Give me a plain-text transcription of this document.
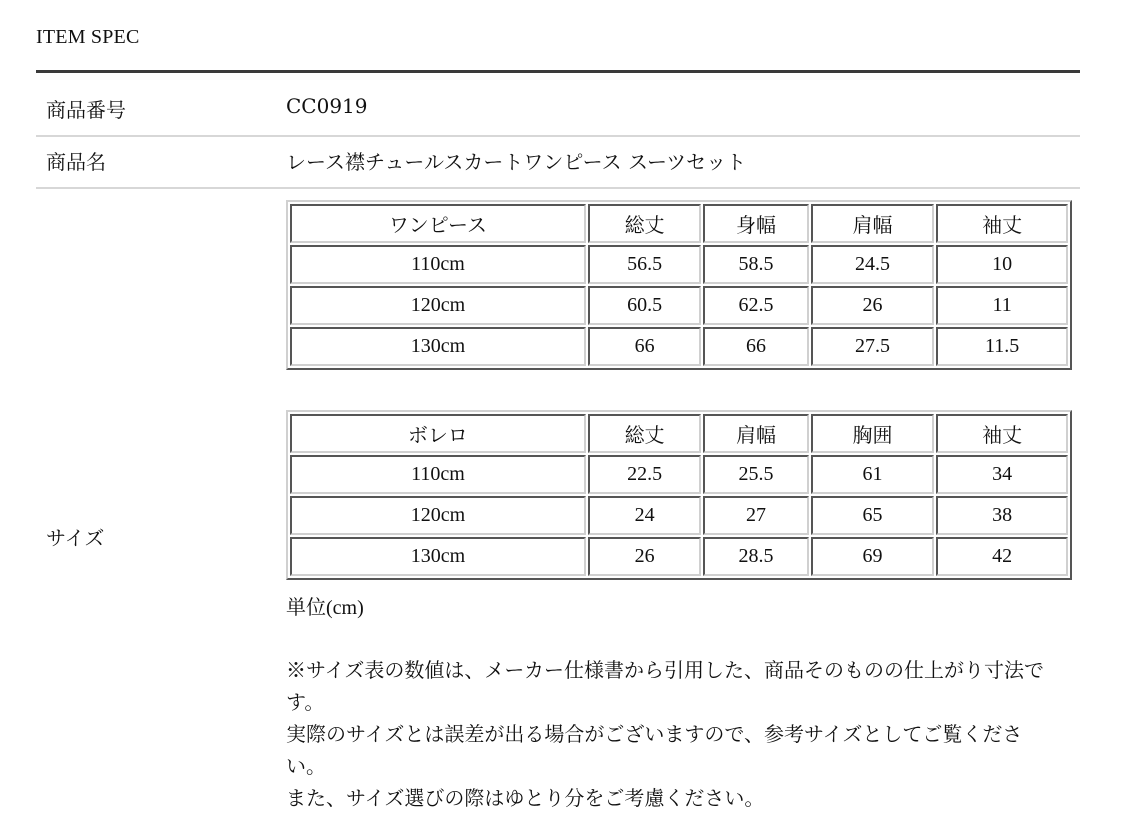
ITEM SPEC
商品番号	CC0919
商品名	レース襟チュールスカートワンピース スーツセット
サイズ
ワンピース	総丈	身幅	肩幅	袖丈
110cm	56.5	58.5	24.5	10
120cm	60.5	62.5	26	11
130cm	66	66	27.5	11.5
ボレロ	総丈	肩幅	胸囲	袖丈
110cm	22.5	25.5	61	34
120cm	24	27	65	38
130cm	26	28.5	69	42
単位(cm)

※サイズ表の数値は、メーカー仕様書から引用した、商品そのものの仕上がり寸法で

す。

実際のサイズとは誤差が出る場合がございますので、参考サイズとしてご覧くださ

い。

また、サイズ選びの際はゆとり分をご考慮ください。
